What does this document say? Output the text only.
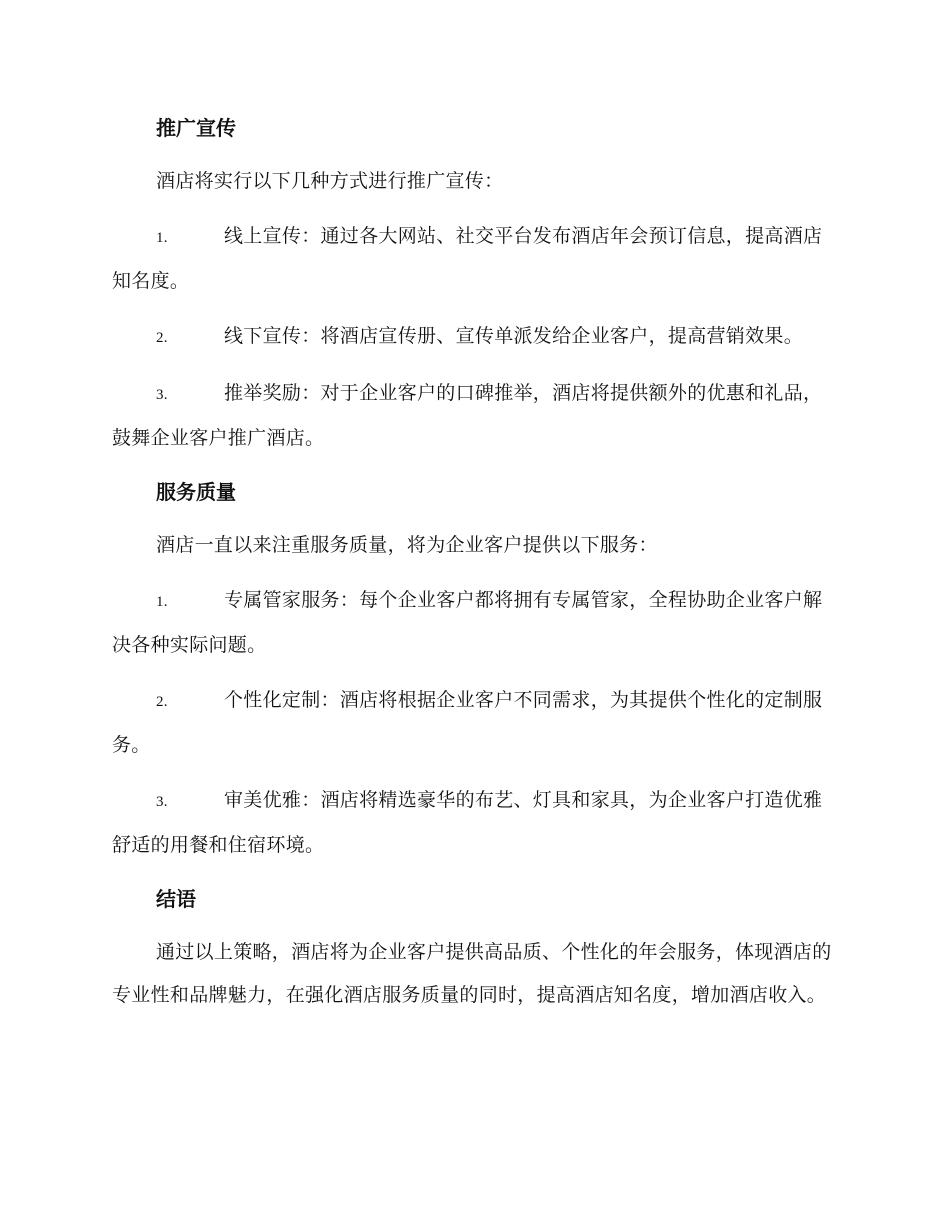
推广宣传

酒店将实行以下几种方式进行推广宣传：

1.	线上宣传：通过各大网站、社交平台发布酒店年会预订信息，提高酒店知名度。

2.	线下宣传：将酒店宣传册、宣传单派发给企业客户，提高营销效果。

3.	推举奖励：对于企业客户的口碑推举，酒店将提供额外的优惠和礼品，鼓舞企业客户推广酒店。

服务质量

酒店一直以来注重服务质量，将为企业客户提供以下服务：

1.	专属管家服务：每个企业客户都将拥有专属管家，全程协助企业客户解决各种实际问题。

2.	个性化定制：酒店将根据企业客户不同需求，为其提供个性化的定制服务。

3.	审美优雅：酒店将精选豪华的布艺、灯具和家具，为企业客户打造优雅舒适的用餐和住宿环境。

结语

通过以上策略，酒店将为企业客户提供高品质、个性化的年会服务，体现酒店的专业性和品牌魅力，在强化酒店服务质量的同时，提高酒店知名度，增加酒店收入。
